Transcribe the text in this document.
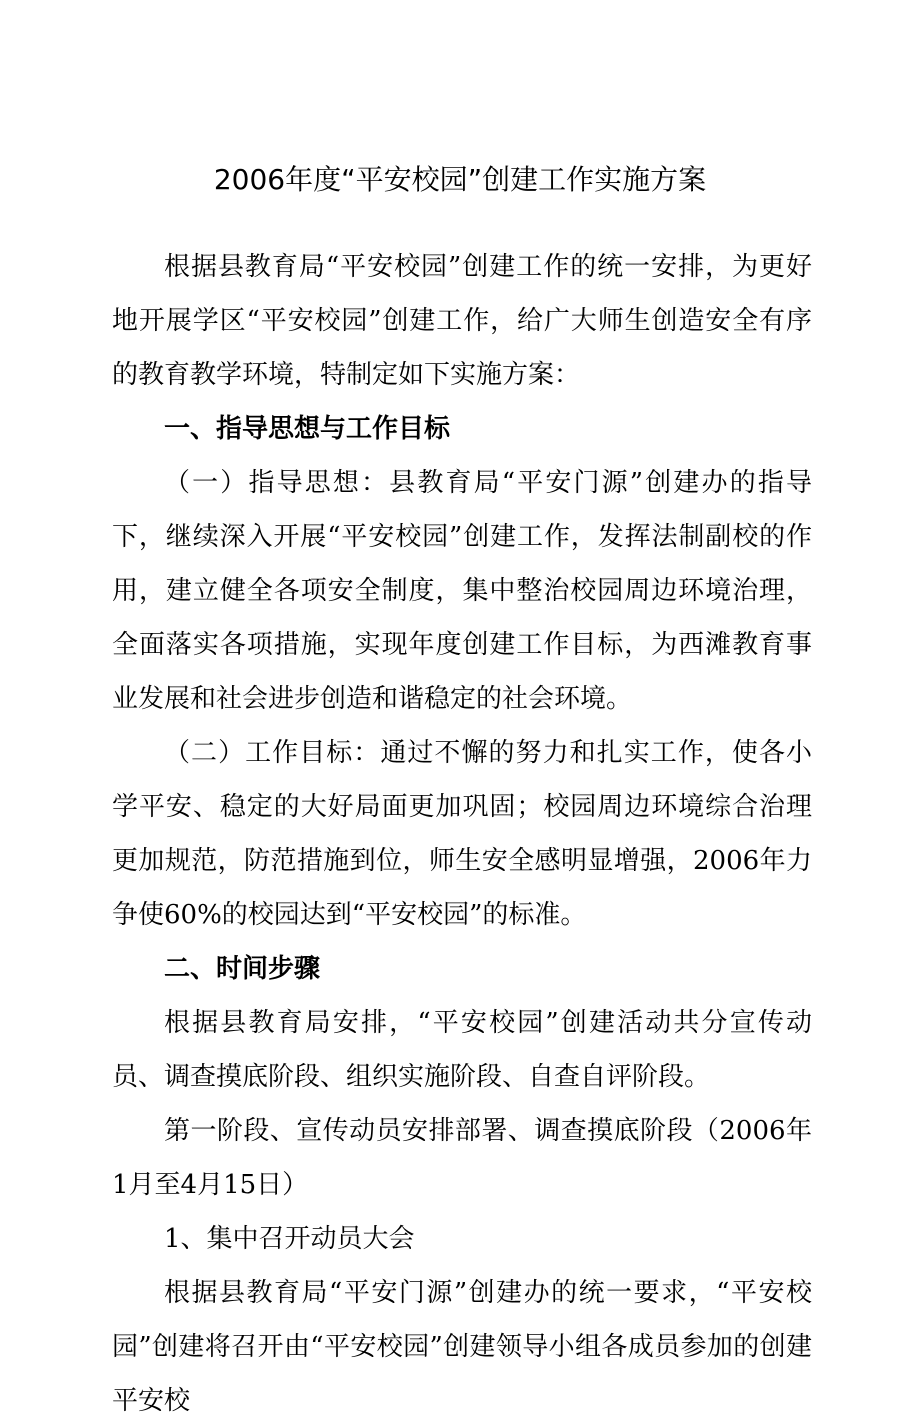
2006年度“平安校园”创建工作实施方案

根据县教育局“平安校园”创建工作的统一安排，为更好地开展学区“平安校园”创建工作，给广大师生创造安全有序的教育教学环境，特制定如下实施方案：

一、指导思想与工作目标

（一）指导思想：县教育局“平安门源”创建办的指导下，继续深入开展“平安校园”创建工作，发挥法制副校的作用，建立健全各项安全制度，集中整治校园周边环境治理，全面落实各项措施，实现年度创建工作目标，为西滩教育事业发展和社会进步创造和谐稳定的社会环境。

（二）工作目标：通过不懈的努力和扎实工作，使各小学平安、稳定的大好局面更加巩固；校园周边环境综合治理更加规范，防范措施到位，师生安全感明显增强，2006年力争使60%的校园达到“平安校园”的标准。

二、时间步骤

根据县教育局安排，“平安校园”创建活动共分宣传动员、调查摸底阶段、组织实施阶段、自查自评阶段。

第一阶段、宣传动员安排部署、调查摸底阶段（2006年1月至4月15日）

1、集中召开动员大会

根据县教育局“平安门源”创建办的统一要求，“平安校园”创建将召开由“平安校园”创建领导小组各成员参加的创建平安校
